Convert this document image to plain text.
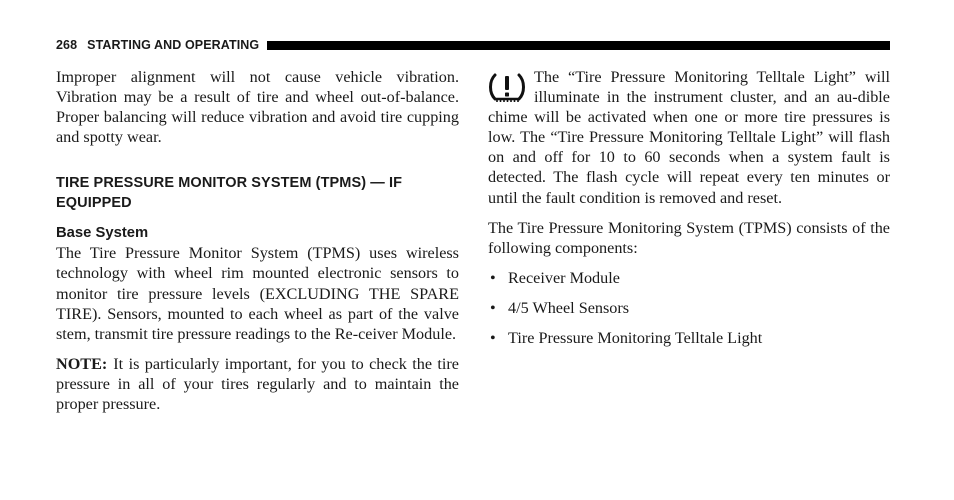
268 STARTING AND OPERATING

Improper alignment will not cause vehicle vibration. Vibration may be a result of tire and wheel out-of-balance. Proper balancing will reduce vibration and avoid tire cupping and spotty wear.

TIRE PRESSURE MONITOR SYSTEM (TPMS) — IF
EQUIPPED
Base System

The Tire Pressure Monitor System (TPMS) uses wireless technology with wheel rim mounted electronic sensors to monitor tire pressure levels (EXCLUDING THE SPARE TIRE). Sensors, mounted to each wheel as part of the valve stem, transmit tire pressure readings to the Re-ceiver Module.

NOTE: It is particularly important, for you to check the tire pressure in all of your tires regularly and to maintain the proper pressure.

The “Tire Pressure Monitoring Telltale Light” will illuminate in the instrument cluster, and an au-dible chime will be activated when one or more tire pressures is low. The “Tire Pressure Monitoring Telltale Light” will flash on and off for 10 to 60 seconds when a system fault is detected. The flash cycle will repeat every ten minutes or until the fault condition is removed and reset.

The Tire Pressure Monitoring System (TPMS) consists of the following components:

• Receiver Module
• 4/5 Wheel Sensors
• Tire Pressure Monitoring Telltale Light
